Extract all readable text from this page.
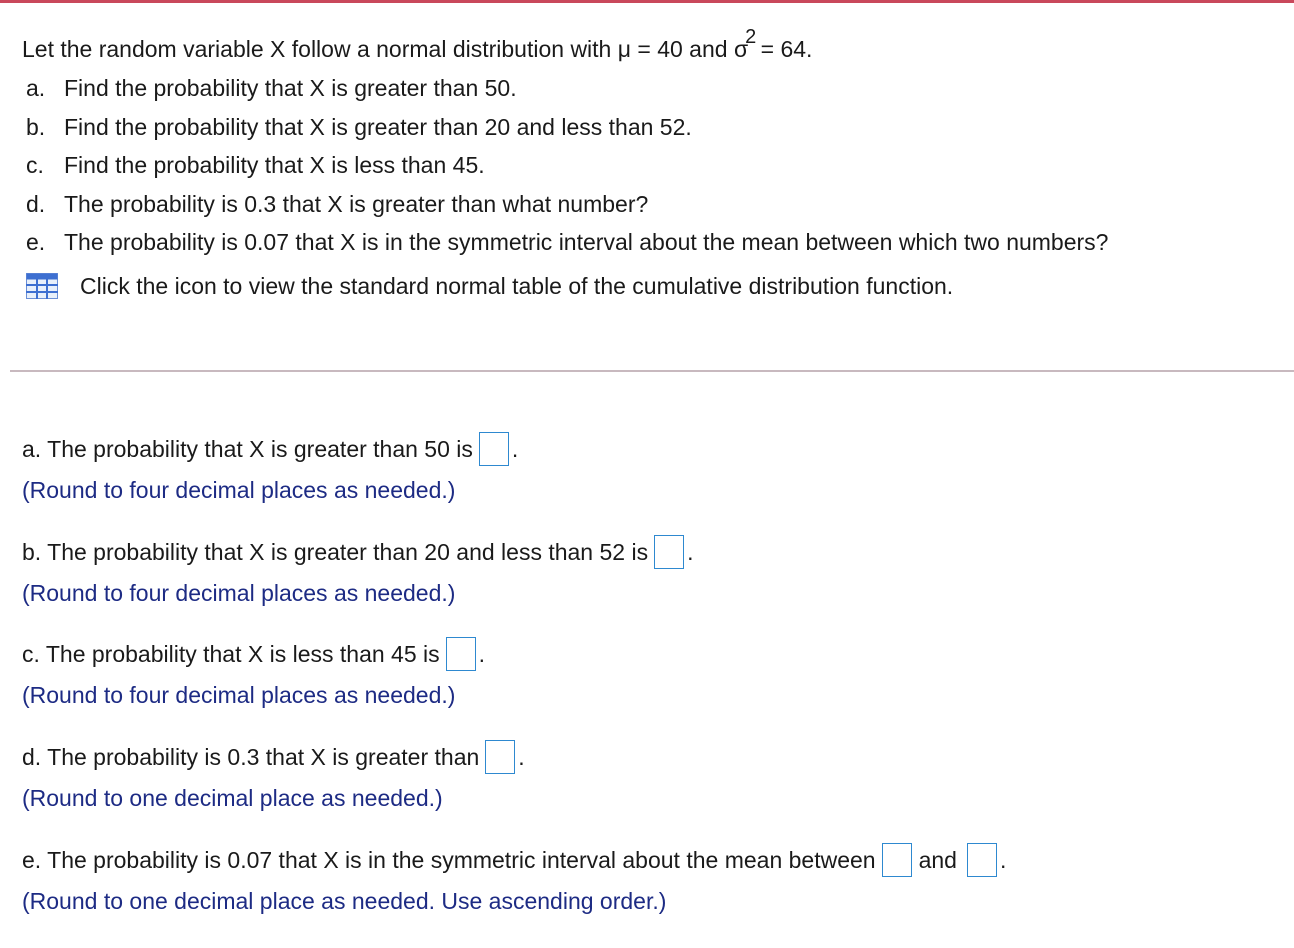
Let the random variable X follow a normal distribution with μ = 40 and σ2 = 64.
a. Find the probability that X is greater than 50.
b. Find the probability that X is greater than 20 and less than 52.
c. Find the probability that X is less than 45.
d. The probability is 0.3 that X is greater than what number?
e. The probability is 0.07 that X is in the symmetric interval about the mean between which two numbers?
Click the icon to view the standard normal table of the cumulative distribution function.
a. The probability that X is greater than 50 is .
(Round to four decimal places as needed.)
b. The probability that X is greater than 20 and less than 52 is .
(Round to four decimal places as needed.)
c. The probability that X is less than 45 is .
(Round to four decimal places as needed.)
d. The probability is 0.3 that X is greater than .
(Round to one decimal place as needed.)
e. The probability is 0.07 that X is in the symmetric interval about the mean between and .
(Round to one decimal place as needed. Use ascending order.)
